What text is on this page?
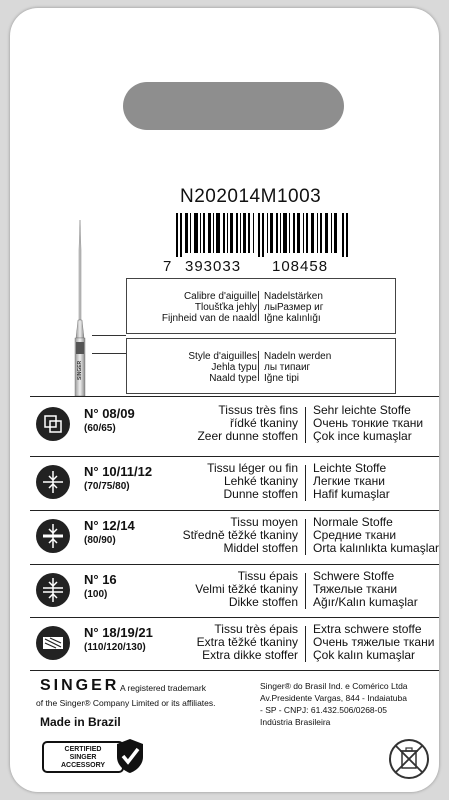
N202014M1003
7 393033 108458
SINGER
Calibre d'aiguille
Tloušťka jehly
Fijnheid van de naald
Nadelstärken
лыРазмер иг
Iğne kalınlığı
Style d'aiguilles
Jehla typu
Naald type
Nadeln werden
лы типаиг
Iğne tipi
N° 08/09
(60/65)
Tissus très fins
řídké tkaniny
Zeer dunne stoffen
Sehr leichte Stoffe
Очень тонкие ткани
Çok ince kumaşlar
N° 10/11/12
(70/75/80)
Tissu léger ou fin
Lehké tkaniny
Dunne stoffen
Leichte Stoffe
Легкие ткани
Hafif kumaşlar
N° 12/14
(80/90)
Tissu moyen
Středně těžké tkaniny
Middel stoffen
Normale Stoffe
Средние ткани
Orta kalınlıkta kumaşlar
N° 16
(100)
Tissu épais
Velmi těžké tkaniny
Dikke stoffen
Schwere Stoffe
Тяжелые ткани
Ağır/Kalın kumaşlar
N° 18/19/21
(110/120/130)
Tissu très épais
Extra těžké tkaniny
Extra dikke stoffer
Extra schwere stoffe
Очень тяжелые ткани
Çok kalın kumaşlar
SINGER A registered trademark
of the Singer® Company Limited or its affiliates.
Made in Brazil
Singer® do Brasil Ind. e Comérico Ltda
Av.Presidente Vargas, 844 - Indaiatuba
- SP - CNPJ: 61.432.506/0268-05
Indústria Brasileira
CERTIFIED
SINGER
ACCESSORY
